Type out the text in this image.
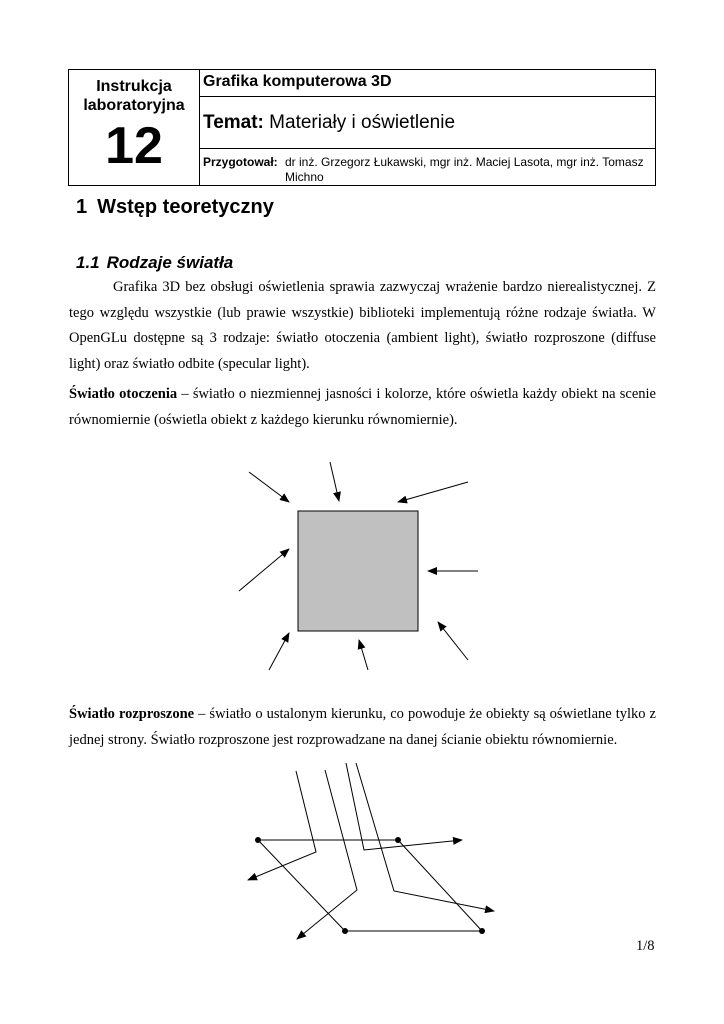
Instrukcja
laboratoryjna
12
	Grafika komputerowa 3D
Temat: Materiały i oświetlenie
Przygotował: dr inż. Grzegorz Łukawski, mgr inż. Maciej Lasota, mgr inż. Tomasz Michno
1 Wstęp teoretyczny
1.1 Rodzaje światła

Grafika 3D bez obsługi oświetlenia sprawia zazwyczaj wrażenie bardzo nierealistycznej. Z tego względu wszystkie (lub prawie wszystkie) biblioteki implementują różne rodzaje światła. W OpenGLu dostępne są 3 rodzaje: światło otoczenia (ambient light), światło rozproszone (diffuse light) oraz światło odbite (specular light).

Światło otoczenia – światło o niezmiennej jasności i kolorze, które oświetla każdy obiekt na scenie równomiernie (oświetla obiekt z każdego kierunku równomiernie).

Światło rozproszone – światło o ustalonym kierunku, co powoduje że obiekty są oświetlane tylko z jednej strony. Światło rozproszone jest rozprowadzane na danej ścianie obiektu równomiernie.

1/8
